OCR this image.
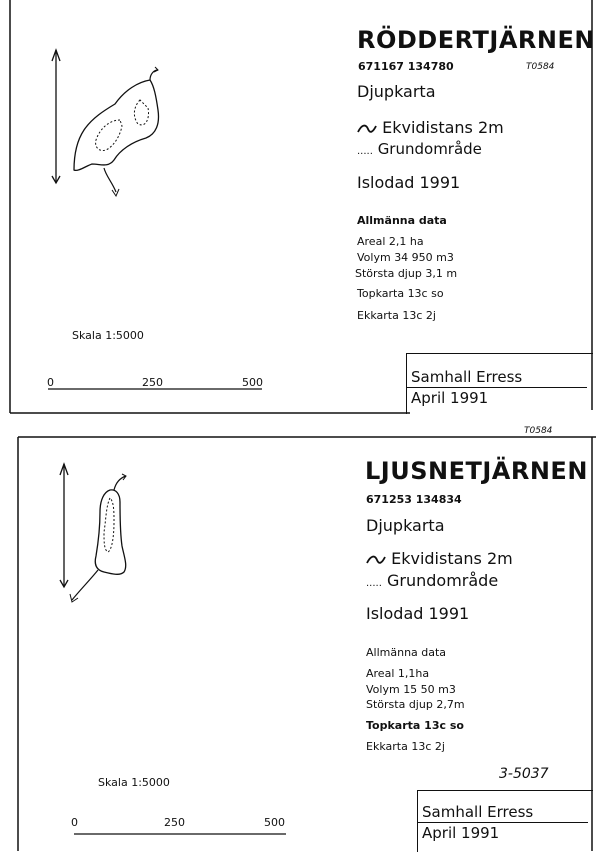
RÖDDERTJÄRNEN
671167 134780	T0584
Djupkarta
Ekvidistans 2m
..... Grundområde
Islodad 1991
Allmänna data
Areal 2,1 ha
Volym 34 950 m3
Största djup 3,1 m
Topkarta 13c so
Ekkarta 13c 2j
Skala 1:5000
0	250	500	Samhall Erress
April 1991
T0584
LJUSNETJÄRNEN
671253 134834
Djupkarta
Ekvidistans 2m
..... Grundområde
Islodad 1991
Allmänna data
Areal 1,1ha
Volym 15 50 m3
Största djup 2,7m
Topkarta 13c so
Ekkarta 13c 2j
3-5037
Skala 1:5000
0	250	500
Samhall Erress
April 1991
